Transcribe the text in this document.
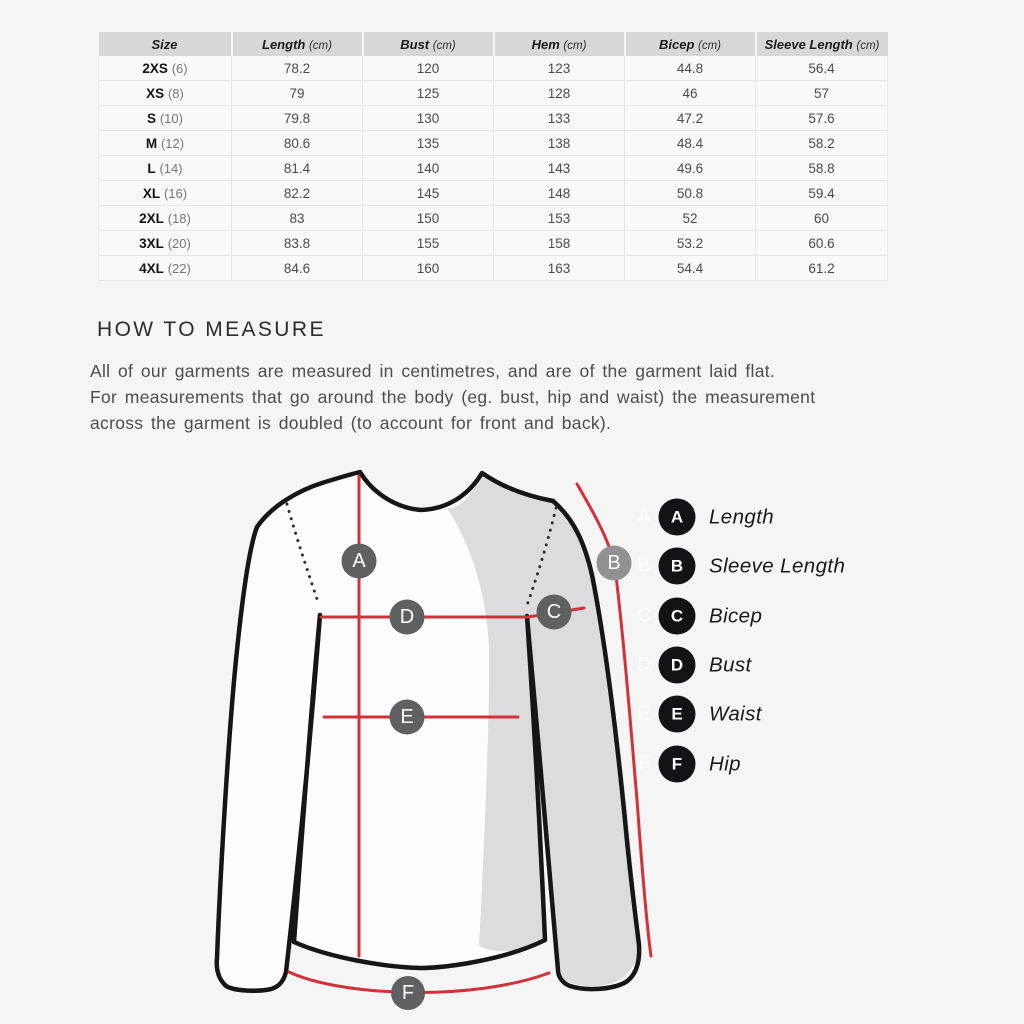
Size	Length (cm)	Bust (cm)	Hem (cm)	Bicep (cm)	Sleeve Length (cm)
2XS (6)	78.2	120	123	44.8	56.4
XS (8)	79	125	128	46	57
S (10)	79.8	130	133	47.2	57.6
M (12)	80.6	135	138	48.4	58.2
L (14)	81.4	140	143	49.6	58.8
XL (16)	82.2	145	148	50.8	59.4
2XL (18)	83	150	153	52	60
3XL (20)	83.8	155	158	53.2	60.6
4XL (22)	84.6	160	163	54.4	61.2
HOW TO MEASURE
All of our garments are measured in centimetres, and are of the garment laid flat.
For measurements that go around the body (eg. bust, hip and waist) the measurement
across the garment is doubled (to account for front and back).
A	B
C
D
E
F
A
B
C
D
E
F
A Length
B Sleeve Length
C Bicep
D Bust
E Waist
F Hip
